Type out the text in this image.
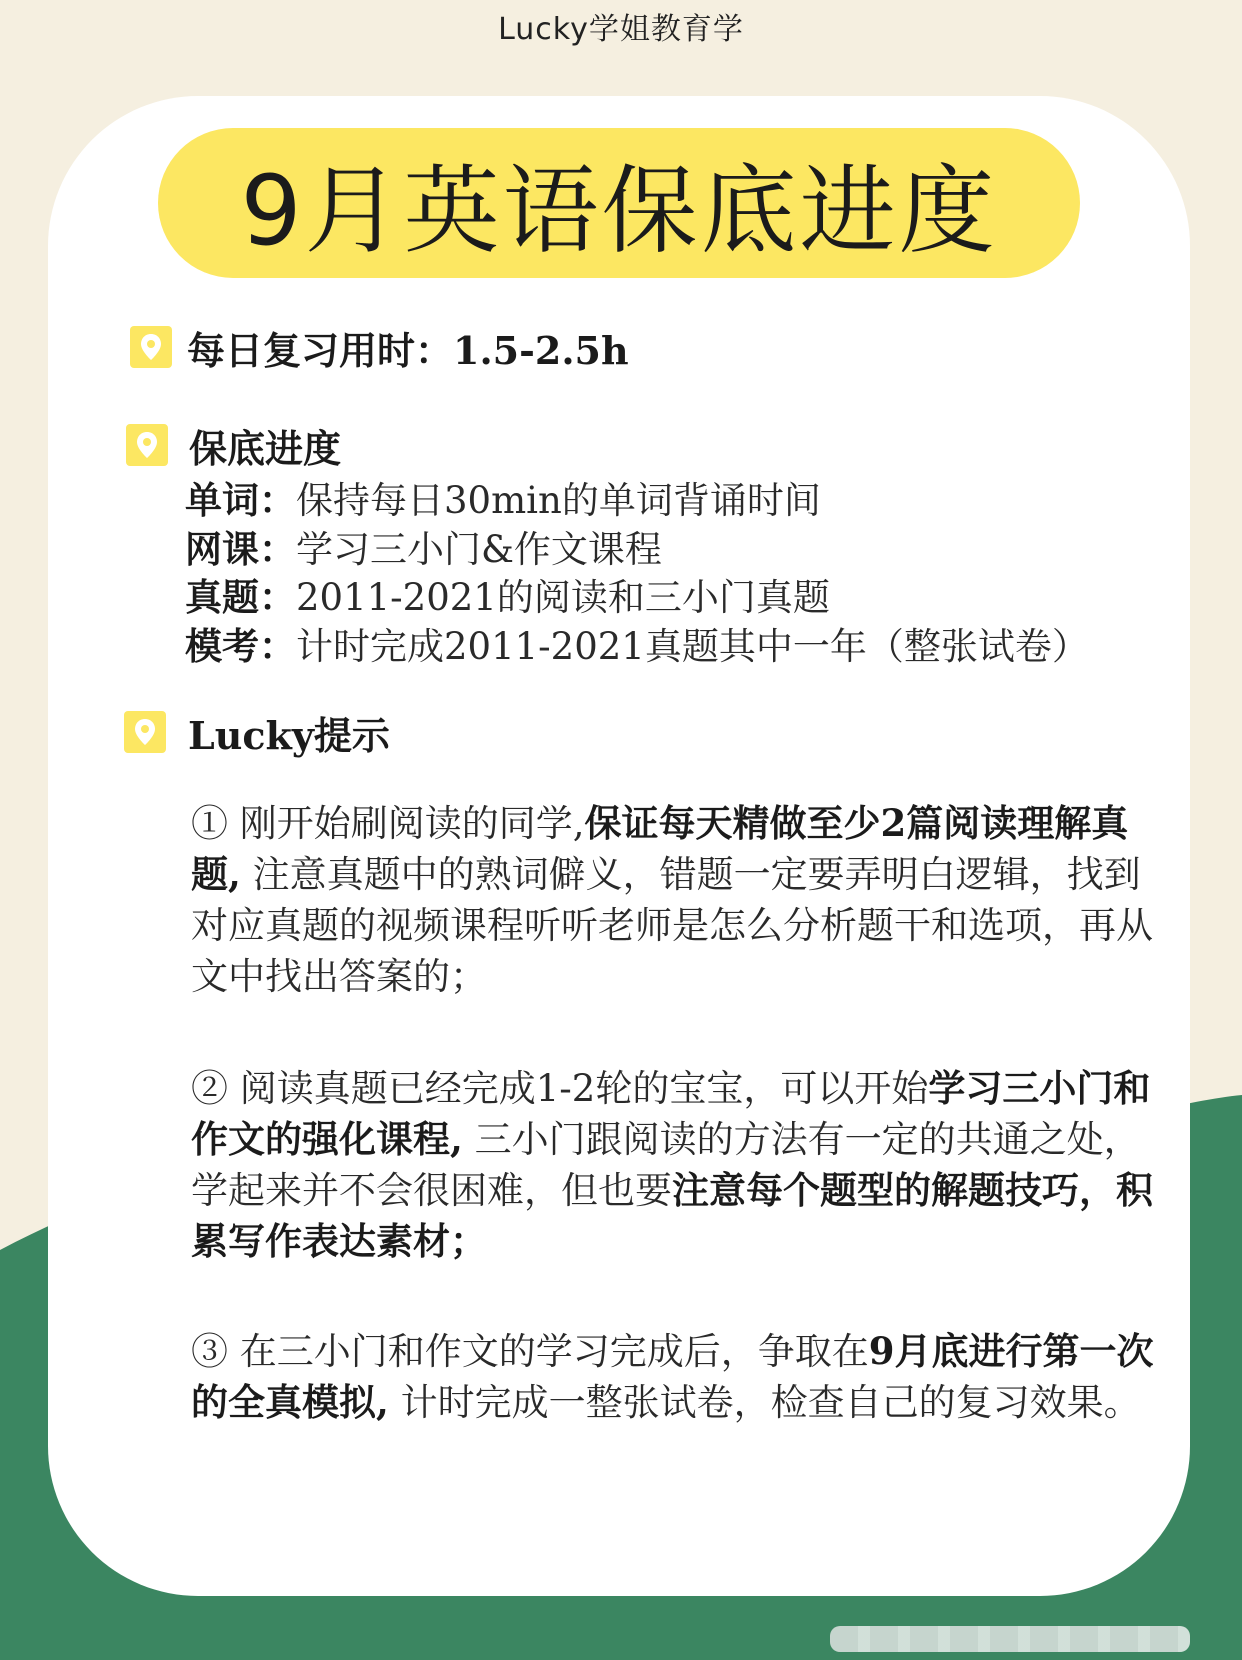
Lucky学姐教育学
9月英语保底进度
每日复习用时：1.5-2.5h
保底进度
单词：保持每日30min的单词背诵时间
网课：学习三小门&作文课程
真题：2011-2021的阅读和三小门真题
模考：计时完成2011-2021真题其中一年（整张试卷）
Lucky提示
① 刚开始刷阅读的同学,保证每天精做至少2篇阅读理解真题, 注意真题中的熟词僻义，错题一定要弄明白逻辑，找到对应真题的视频课程听听老师是怎么分析题干和选项，再从文中找出答案的；
② 阅读真题已经完成1-2轮的宝宝，可以开始学习三小门和作文的强化课程, 三小门跟阅读的方法有一定的共通之处，学起来并不会很困难，但也要注意每个题型的解题技巧，积累写作表达素材；
③ 在三小门和作文的学习完成后，争取在9月底进行第一次的全真模拟, 计时完成一整张试卷，检查自己的复习效果。
